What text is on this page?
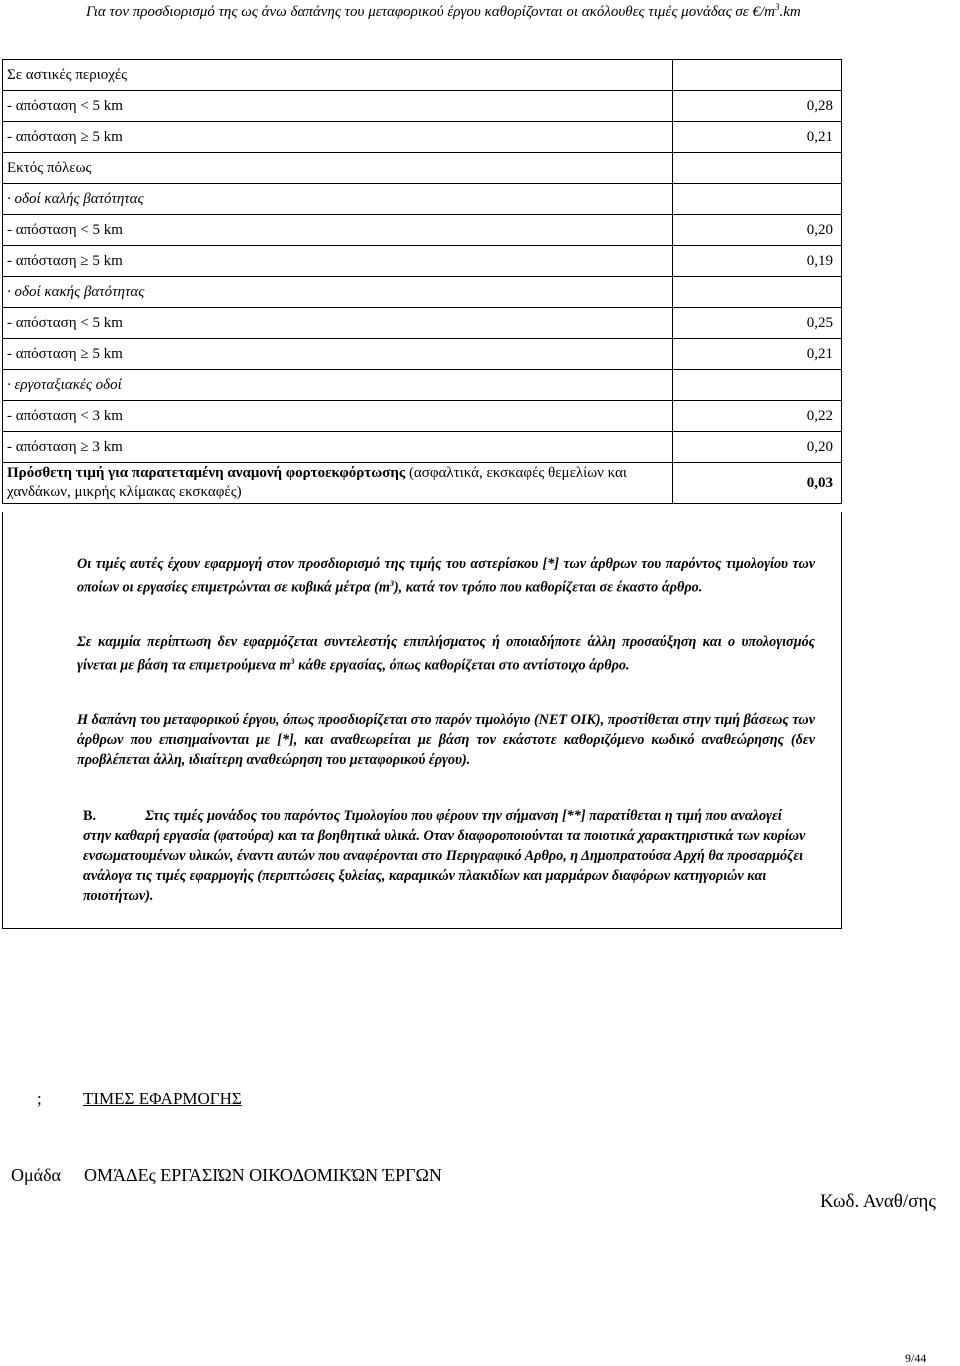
Για τον προσδιορισμό της ως άνω δαπάνης του μεταφορικού έργου καθορίζονται οι ακόλουθες τιμές μονάδας σε $€/m^3.km$
Σε αστικές περιοχές	
- απόσταση < 5 km	0,28
- απόσταση ≥ 5 km	0,21
Εκτός πόλεως	
· οδοί καλής βατότητας	
- απόσταση < 5 km	0,20
- απόσταση ≥ 5 km	0,19
· οδοί κακής βατότητας	
- απόσταση < 5 km	0,25
- απόσταση ≥ 5 km	0,21
· εργοταξιακές οδοί	
- απόσταση < 3 km	0,22
- απόσταση ≥ 3 km	0,20
Πρόσθετη τιμή για παρατεταμένη αναμονή φορτοεκφόρτωσης (ασφαλτικά, εκσκαφές θεμελίων και χανδάκων, μικρής κλίμακας εκσκαφές)	0,03

Οι τιμές αυτές έχουν εφαρμογή στον προσδιορισμό της τιμής του αστερίσκου [*] των άρθρων του παρόντος τιμολογίου των οποίων οι εργασίες επιμετρώνται σε κυβικά μέτρα $(m^3)$, κατά τον τρόπο που καθορίζεται σε έκαστο άρθρο.

Σε καμμία περίπτωση δεν εφαρμόζεται συντελεστής επιπλήσματος ή οποιαδήποτε άλλη προσαύξηση και ο υπολογισμός γίνεται με βάση τα επιμετρούμενα $m^3$ κάθε εργασίας, όπως καθορίζεται στο αντίστοιχο άρθρο.

Η δαπάνη του μεταφορικού έργου, όπως προσδιορίζεται στο παρόν τιμολόγιο (ΝΕΤ ΟΙΚ), προστίθεται στην τιμή βάσεως των άρθρων που επισημαίνονται με [*], και αναθεωρείται με βάση τον εκάστοτε καθοριζόμενο κωδικό αναθεώρησης (δεν προβλέπεται άλλη, ιδιαίτερη αναθεώρηση του μεταφορικού έργου).

Β.	Στις τιμές μονάδος του παρόντος Τιμολογίου που φέρουν την σήμανση [**] παρατίθεται η τιμή που αναλογεί στην καθαρή εργασία (φατούρα) και τα βοηθητικά υλικά. Οταν διαφοροποιούνται τα ποιοτικά χαρακτηριστικά των κυρίων ενσωματουμένων υλικών, έναντι αυτών που αναφέρονται στο Περιγραφικό Αρθρο, η Δημοπρατούσα Αρχή θα προσαρμόζει ανάλογα τις τιμές εφαρμογής (περιπτώσεις ξυλείας, καραμικών πλακιδίων και μαρμάρων διαφόρων κατηγοριών και ποιοτήτων).
; ΤΙΜΕΣ ΕΦΑΡΜΟΓΗΣ
Ομάδα ΟΜΆΔΕς ΕΡΓΑΣΙΏΝ ΟΙΚΟΔΟΜΙΚΏΝ ΈΡΓΩΝ
Κωδ. Αναθ/σης
9/44
